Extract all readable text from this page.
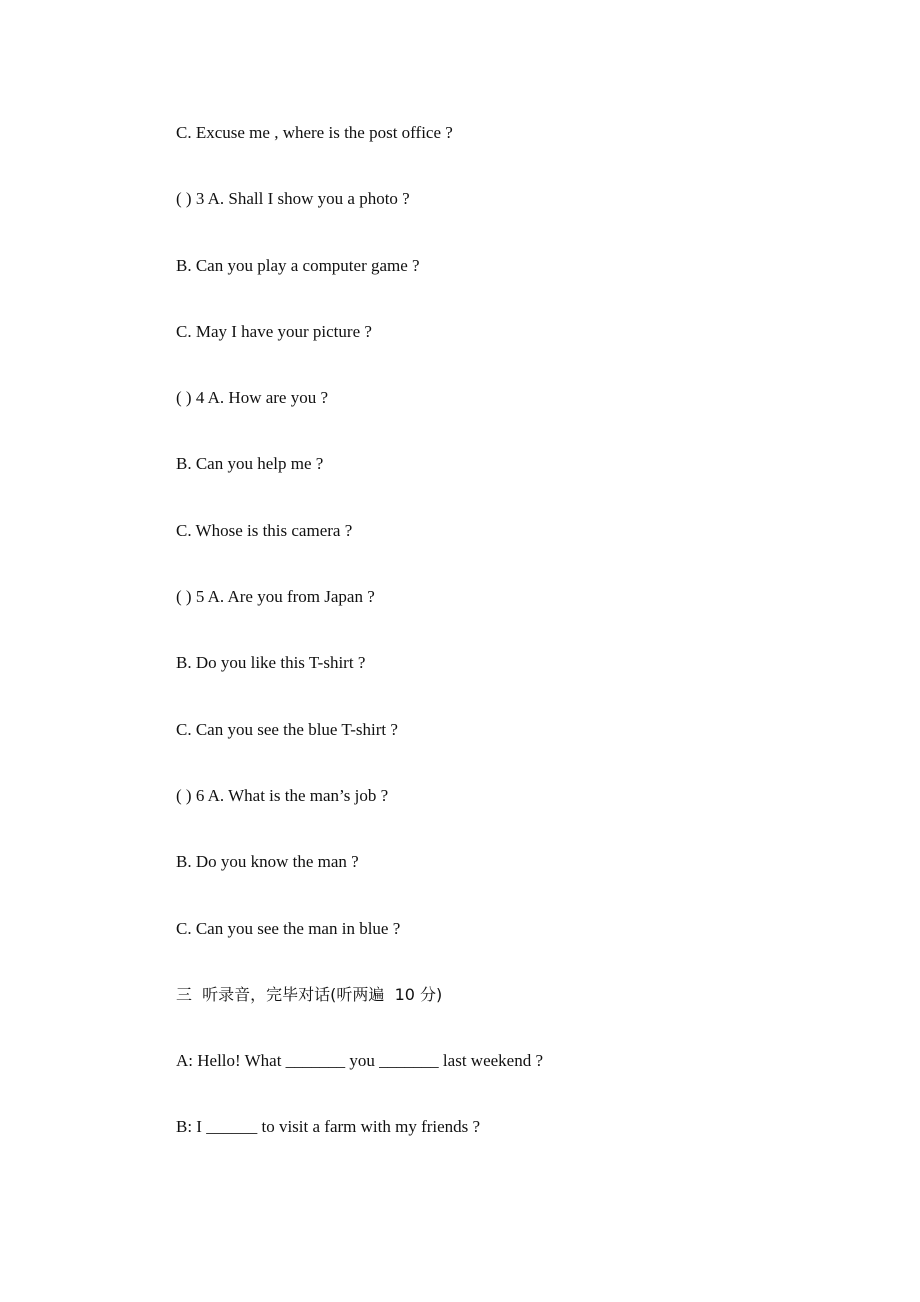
C. Excuse me , where is the post office ?
( ) 3 A. Shall I show you a photo ?
B. Can you play a computer game ?
C. May I have your picture ?
( ) 4 A. How are you ?
B. Can you help me ?
C. Whose is this camera ?
( ) 5 A. Are you from Japan ?
B. Do you like this T-shirt ?
C. Can you see the blue T-shirt ?
( ) 6 A. What is the man’s job ?
B. Do you know the man ?
C. Can you see the man in blue ?
三  听录音，完毕对话(听两遍  10 分)
A: Hello! What _______ you _______ last weekend ?
B: I ______ to visit a farm with my friends ?
